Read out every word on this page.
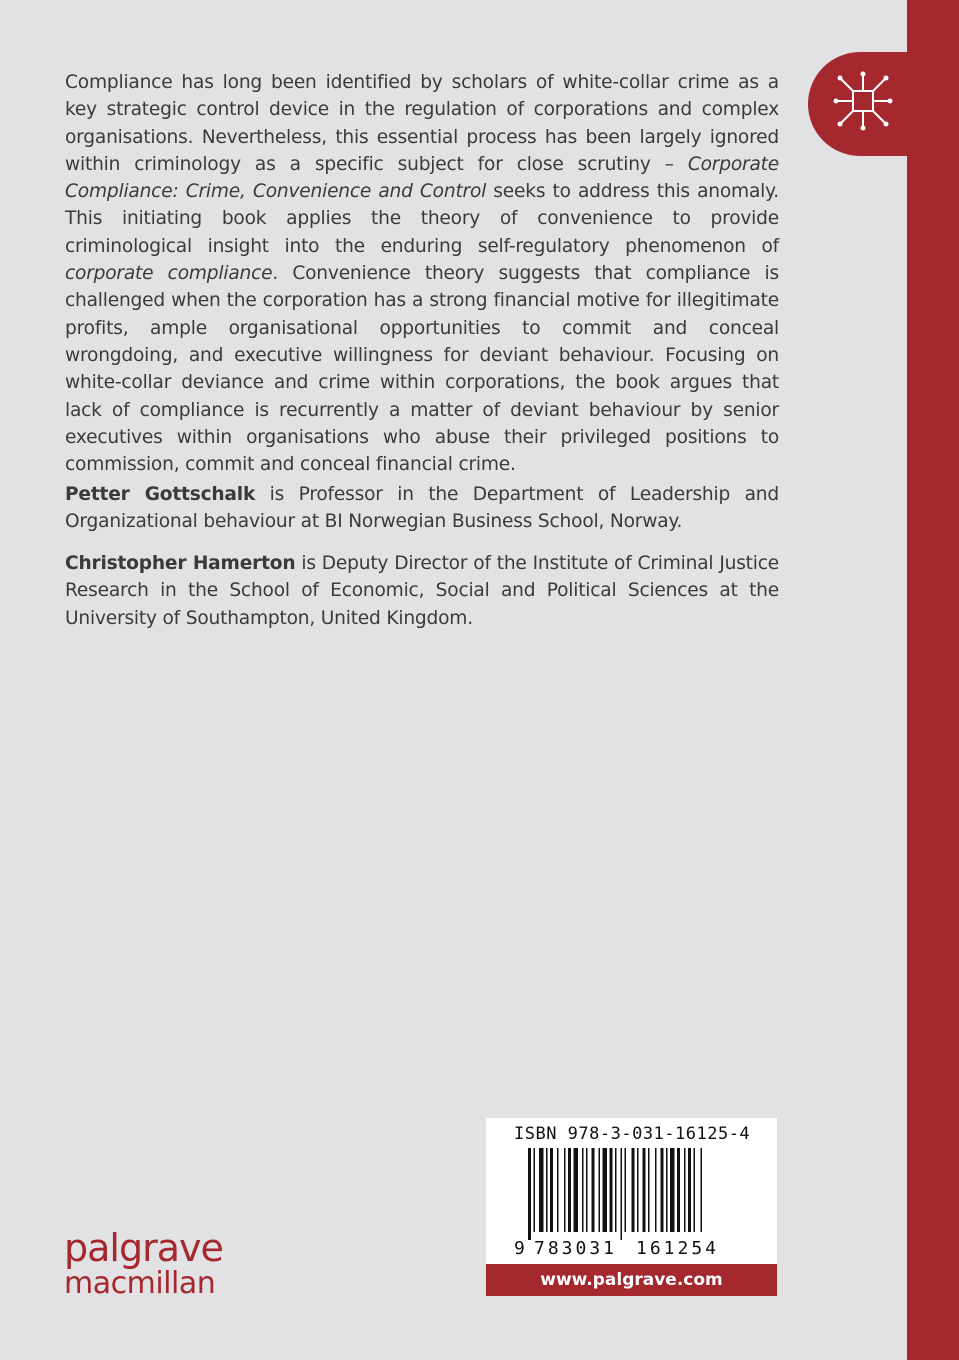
Compliance has long been identified by scholars of white-collar crime as a key strategic control device in the regulation of corporations and complex organisations. Nevertheless, this essential process has been largely ignored within criminology as a specific subject for close scrutiny – Corporate Compliance: Crime, Convenience and Control seeks to address this anomaly. This initiating book applies the theory of convenience to provide criminological insight into the enduring self-regulatory phenomenon of corporate compliance. Convenience theory suggests that compliance is challenged when the corporation has a strong financial motive for illegitimate profits, ample organisational opportunities to commit and conceal wrongdoing, and executive willingness for deviant behaviour. Focusing on white-collar deviance and crime within corporations, the book argues that lack of compliance is recurrently a matter of deviant behaviour by senior executives within organisations who abuse their privileged positions to commission, commit and conceal financial crime.

Petter Gottschalk is Professor in the Department of Leadership and Organizational behaviour at BI Norwegian Business School, Norway.

Christopher Hamerton is Deputy Director of the Institute of Criminal Justice Research in the School of Economic, Social and Political Sciences at the University of Southampton, United Kingdom.

palgrave
macmillan
ISBN 978-3-031-16125-4
9 783031 161254
www.palgrave.com
